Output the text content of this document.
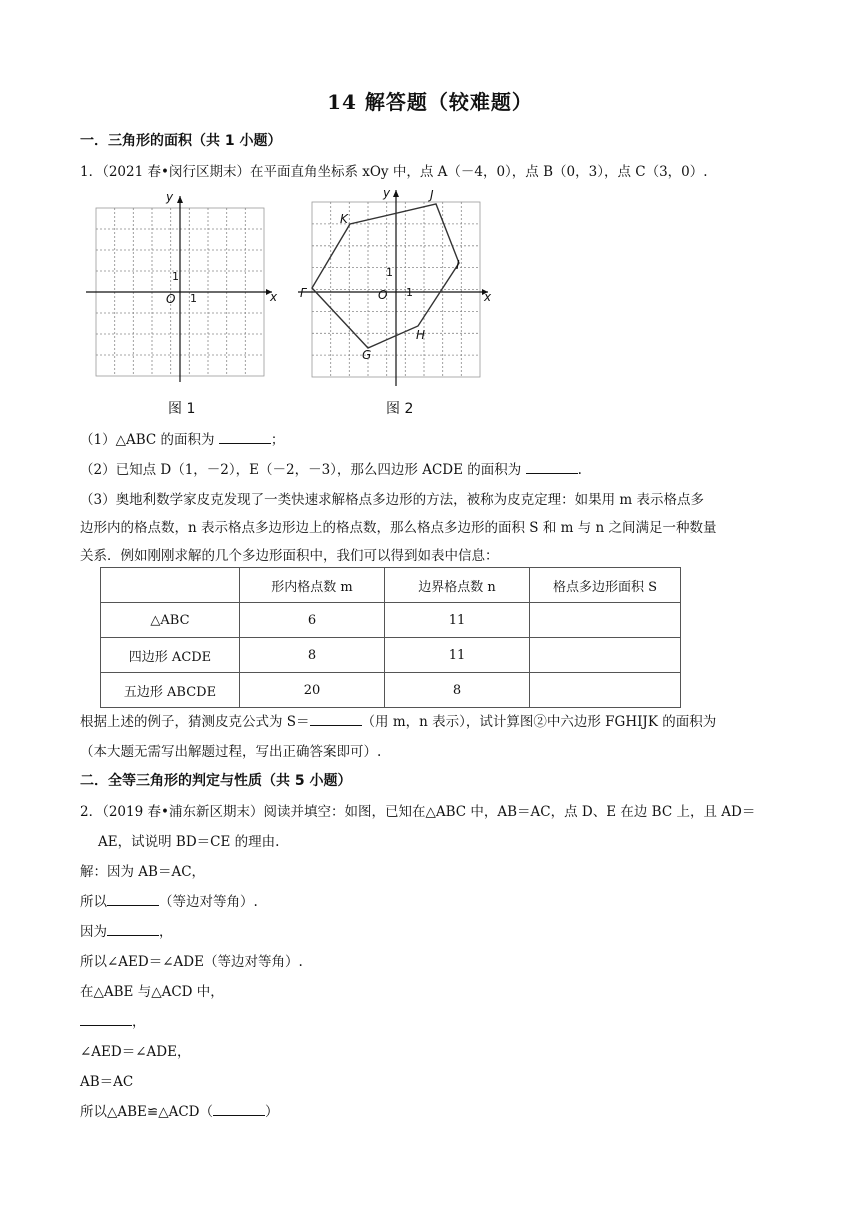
14 解答题（较难题）
一．三角形的面积（共 1 小题）
1．（2021 春•闵行区期末）在平面直角坐标系 xOy 中，点 A（－4，0），点 B（0，3），点 C（3，0）.
y
x
O 1
1
图 1
y
x
O 1
1
F
G
H
I
J
K
图 2
（1）△ABC 的面积为	；
（2）已知点 D（1，－2），E（－2，－3），那么四边形 ACDE 的面积为	.
（3）奥地利数学家皮克发现了一类快速求解格点多边形的方法，被称为皮克定理：如果用 m 表示格点多
边形内的格点数，n 表示格点多边形边上的格点数，那么格点多边形的面积 S 和 m 与 n 之间满足一种数量
关系．例如刚刚求解的几个多边形面积中，我们可以得到如表中信息：
	形内格点数 m	边界格点数 n	格点多边形面积 S
△ABC	6	11	
四边形 ACDE	8	11	
五边形 ABCDE	20	8	
根据上述的例子，猜测皮克公式为 S＝	（用 m，n 表示），试计算图②中六边形 FGHIJK 的面积为
（本大题无需写出解题过程，写出正确答案即可）.
二．全等三角形的判定与性质（共 5 小题）
2．（2019 春•浦东新区期末）阅读并填空：如图，已知在△ABC 中，AB＝AC，点 D、E 在边 BC 上，且 AD＝
AE，试说明 BD＝CE 的理由.
解：因为 AB＝AC，
所以	（等边对等角）.
因为	，
所以∠AED＝∠ADE（等边对等角）.
在△ABE 与△ACD 中，
，
∠AED＝∠ADE，
AB＝AC
所以△ABE≌△ACD（	）
